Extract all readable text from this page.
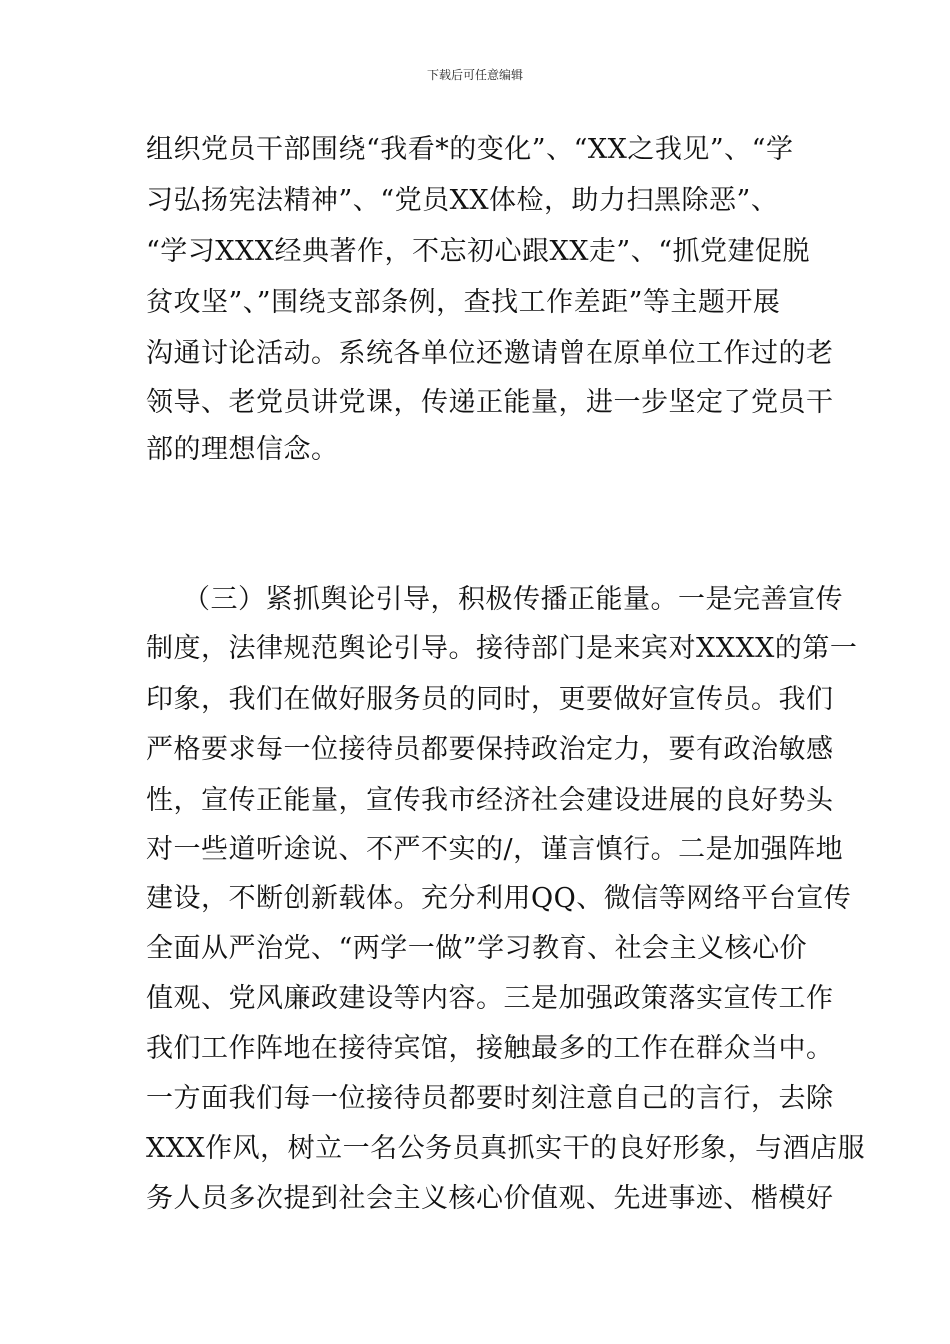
下载后可任意编辑
组织党员干部围绕“我看*的变化”、“XX之我见”、“学
习弘扬宪法精神”、“党员XX体检，助力扫黑除恶”、
“学习XXX经典著作，不忘初心跟XX走”、“抓党建促脱
贫攻坚”、”围绕支部条例，查找工作差距”等主题开展
沟通讨论活动。系统各单位还邀请曾在原单位工作过的老
领导、老党员讲党课，传递正能量，进一步坚定了党员干
部的理想信念。
（三）紧抓舆论引导，积极传播正能量。一是完善宣传
制度，法律规范舆论引导。接待部门是来宾对XXXX的第一
印象，我们在做好服务员的同时，更要做好宣传员。我们
严格要求每一位接待员都要保持政治定力，要有政治敏感
性，宣传正能量，宣传我市经济社会建设进展的良好势头
对一些道听途说、不严不实的/，谨言慎行。二是加强阵地
建设，不断创新载体。充分利用QQ、微信等网络平台宣传
全面从严治党、“两学一做”学习教育、社会主义核心价
值观、党风廉政建设等内容。三是加强政策落实宣传工作
我们工作阵地在接待宾馆，接触最多的工作在群众当中。
一方面我们每一位接待员都要时刻注意自己的言行，去除
XXX作风，树立一名公务员真抓实干的良好形象，与酒店服
务人员多次提到社会主义核心价值观、先进事迹、楷模好
